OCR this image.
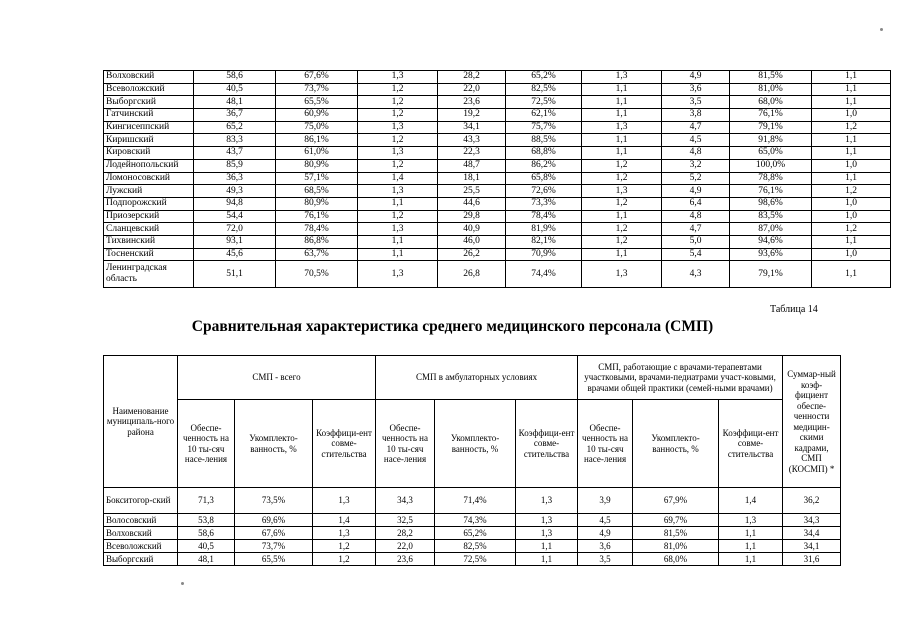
Волховский	58,6	67,6%	1,3	28,2	65,2%	1,3	4,9	81,5%	1,1
Всеволожский	40,5	73,7%	1,2	22,0	82,5%	1,1	3,6	81,0%	1,1
Выборгский	48,1	65,5%	1,2	23,6	72,5%	1,1	3,5	68,0%	1,1
Гатчинский	36,7	60,9%	1,2	19,2	62,1%	1,1	3,8	76,1%	1,0
Кингисеппский	65,2	75,0%	1,3	34,1	75,7%	1,3	4,7	79,1%	1,2
Киришский	83,3	86,1%	1,2	43,3	88,5%	1,1	4,5	91,8%	1,1
Кировский	43,7	61,0%	1,3	22,3	68,8%	1,1	4,8	65,0%	1,1
Лодейнопольский	85,9	80,9%	1,2	48,7	86,2%	1,2	3,2	100,0%	1,0
Ломоносовский	36,3	57,1%	1,4	18,1	65,8%	1,2	5,2	78,8%	1,1
Лужский	49,3	68,5%	1,3	25,5	72,6%	1,3	4,9	76,1%	1,2
Подпорожский	94,8	80,9%	1,1	44,6	73,3%	1,2	6,4	98,6%	1,0
Приозерский	54,4	76,1%	1,2	29,8	78,4%	1,1	4,8	83,5%	1,0
Сланцевский	72,0	78,4%	1,3	40,9	81,9%	1,2	4,7	87,0%	1,2
Тихвинский	93,1	86,8%	1,1	46,0	82,1%	1,2	5,0	94,6%	1,1
Тосненский	45,6	63,7%	1,1	26,2	70,9%	1,1	5,4	93,6%	1,0
Ленинградская область	51,1	70,5%	1,3	26,8	74,4%	1,3	4,3	79,1%	1,1
Таблица 14
Сравнительная характеристика среднего медицинского персонала (СМП)
Наименование муниципаль-ного района	СМП - всего			СМП в амбулаторных условиях			СМП, работающие с врачами-терапевтами участковыми, врачами-педиатрами участ-ковыми, врачами общей практики (семей-ными врачами)			Суммар-ный коэф-фициент обеспе-ченности медицин-скими кадрами, СМП (КОСМП) *
	Обеспе-ченность на 10 ты-сяч насе-ления	Укомплекто-ванность, %	Коэффици-ент совме-стительства	Обеспе-ченность на 10 ты-сяч насе-ления	Укомплекто-ванность, %	Коэффици-ент совме-стительства	Обеспе-ченность на 10 ты-сяч насе-ления	Укомплекто-ванность, %	Коэффици-ент совме-стительства	
Бокситогор-ский	71,3	73,5%	1,3	34,3	71,4%	1,3	3,9	67,9%	1,4	36,2
Волосовский	53,8	69,6%	1,4	32,5	74,3%	1,3	4,5	69,7%	1,3	34,3
Волховский	58,6	67,6%	1,3	28,2	65,2%	1,3	4,9	81,5%	1,1	34,4
Всеволожский	40,5	73,7%	1,2	22,0	82,5%	1,1	3,6	81,0%	1,1	34,1
Выборгский	48,1	65,5%	1,2	23,6	72,5%	1,1	3,5	68,0%	1,1	31,6
